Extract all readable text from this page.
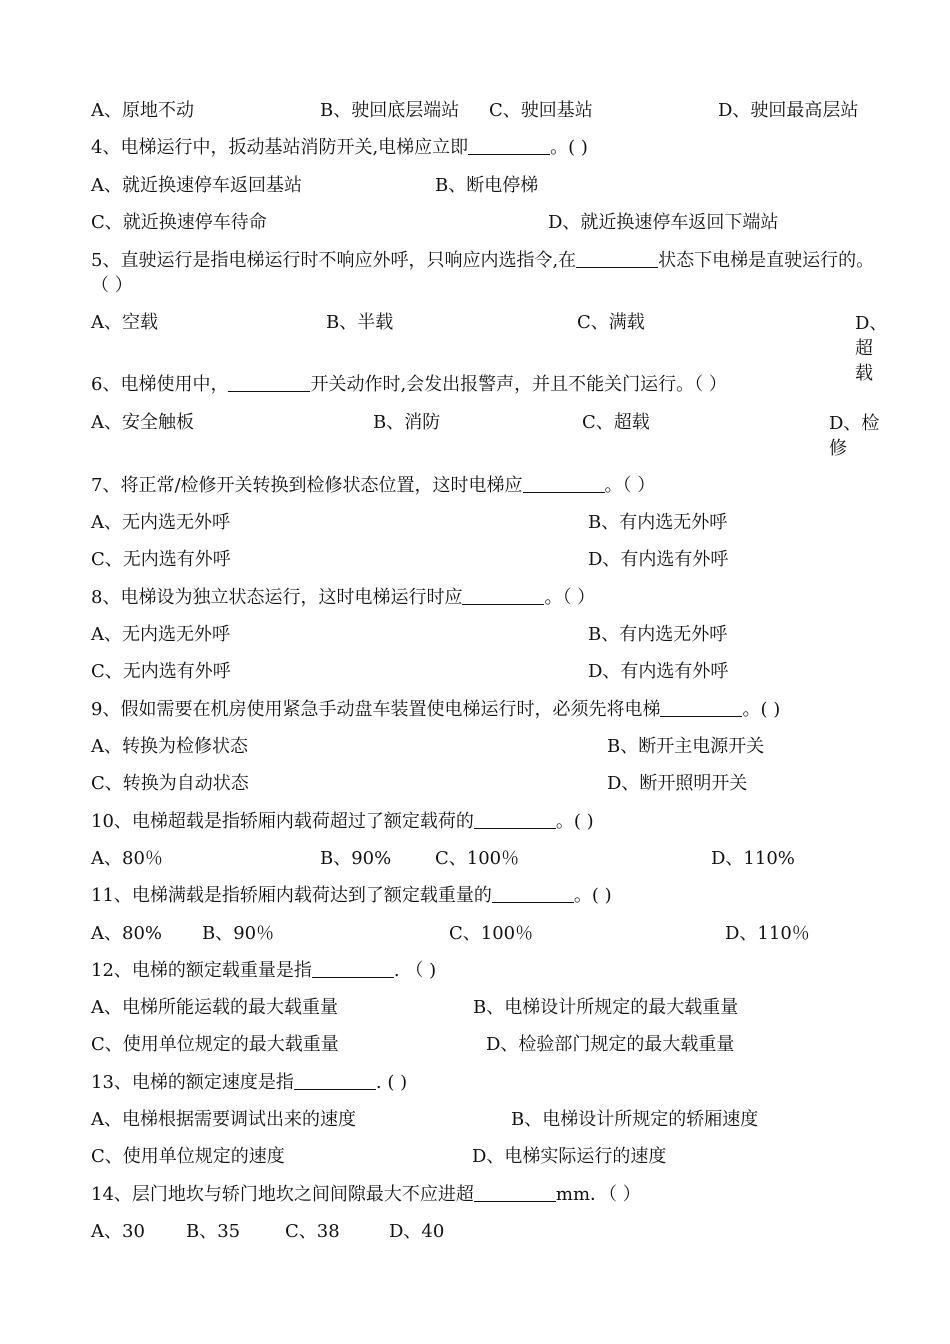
A、原地不动	B、驶回底层端站 C、驶回基站	D、驶回最高层站
4、电梯运行中，扳动基站消防开关,电梯应立即	。( )
A、就近换速停车返回基站	B、断电停梯
C、就近换速停车待命	D、就近换速停车返回下端站
5、直驶运行是指电梯运行时不响应外呼，只响应内选指令,在	状态下电梯是直驶运行的。（ ）
A、空载	B、半载	C、满载	D、超载
6、电梯使用中，	开关动作时,会发出报警声，并且不能关门运行。（ ）
A、安全触板	B、消防	C、超载	D、检修
7、将正常/检修开关转换到检修状态位置，这时电梯应	。（ ）
A、无内选无外呼	B、有内选无外呼
C、无内选有外呼	D、有内选有外呼
8、电梯设为独立状态运行，这时电梯运行时应	。（ ）
A、无内选无外呼	B、有内选无外呼
C、无内选有外呼	D、有内选有外呼
9、假如需要在机房使用紧急手动盘车装置使电梯运行时，必须先将电梯	。( )
A、转换为检修状态	B、断开主电源开关
C、转换为自动状态	D、断开照明开关
10、电梯超载是指轿厢内载荷超过了额定载荷的	。( )
A、80％	B、90% C、100％	D、110%
11、电梯满载是指轿厢内载荷达到了额定载重量的	。( )
A、80% B、90％	C、100％	D、110％
12、电梯的额定载重量是指	. （ )
A、电梯所能运载的最大载重量	B、电梯设计所规定的最大载重量
C、使用单位规定的最大载重量	D、检验部门规定的最大载重量
13、电梯的额定速度是指	. ( )
A、电梯根据需要调试出来的速度	B、电梯设计所规定的轿厢速度
C、使用单位规定的速度	D、电梯实际运行的速度
14、层门地坎与轿门地坎之间间隙最大不应进超	mm．（ ）
A、30 B、35 C、38	D、40
